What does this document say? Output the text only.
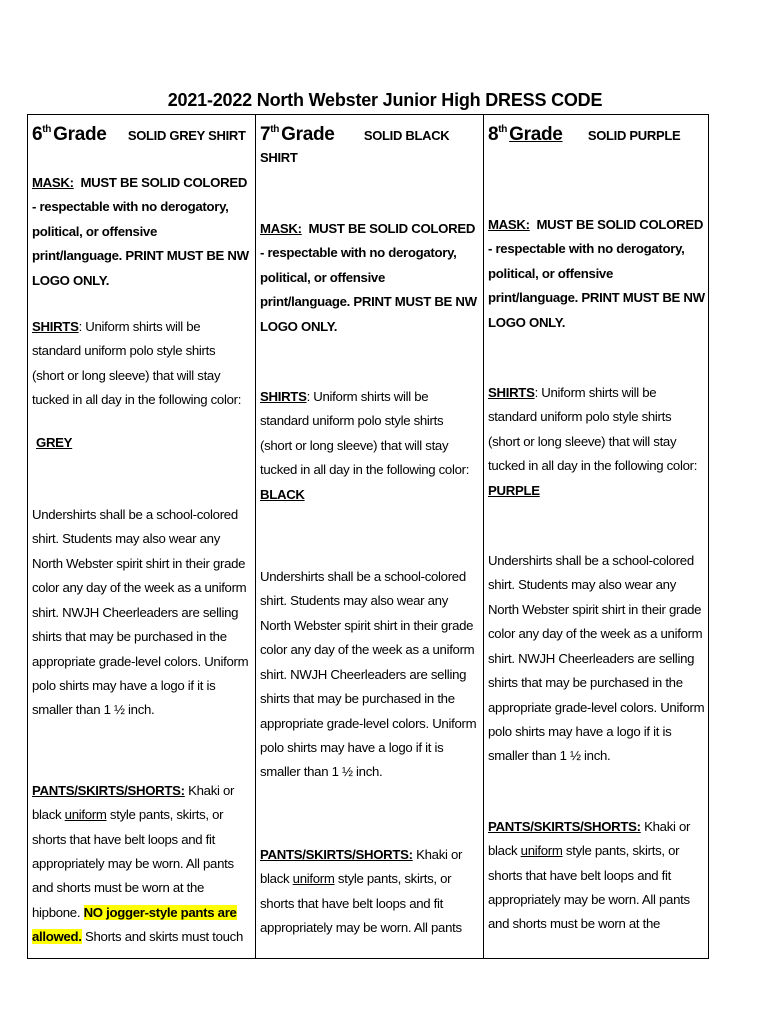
2021-2022 North Webster Junior High DRESS CODE
6th Grade SOLID GREY SHIRT

MASK: MUST BE SOLID COLORED - respectable with no derogatory, political, or offensive print/language. PRINT MUST BE NW LOGO ONLY.

SHIRTS: Uniform shirts will be standard uniform polo style shirts (short or long sleeve) that will stay tucked in all day in the following color:

GREY

Undershirts shall be a school-colored shirt. Students may also wear any North Webster spirit shirt in their grade color any day of the week as a uniform shirt. NWJH Cheerleaders are selling shirts that may be purchased in the appropriate grade-level colors. Uniform polo shirts may have a logo if it is smaller than 1 ½ inch.

PANTS/SKIRTS/SHORTS: Khaki or black uniform style pants, skirts, or shorts that have belt loops and fit appropriately may be worn. All pants and shorts must be worn at the hipbone. NO jogger-style pants are allowed. Shorts and skirts must touch

7th Grade SOLID BLACK SHIRT

MASK: MUST BE SOLID COLORED - respectable with no derogatory, political, or offensive print/language. PRINT MUST BE NW LOGO ONLY.

SHIRTS: Uniform shirts will be standard uniform polo style shirts (short or long sleeve) that will stay tucked in all day in the following color:  BLACK

Undershirts shall be a school-colored shirt. Students may also wear any North Webster spirit shirt in their grade color any day of the week as a uniform shirt. NWJH Cheerleaders are selling shirts that may be purchased in the appropriate grade-level colors. Uniform polo shirts may have a logo if it is smaller than 1 ½ inch.

PANTS/SKIRTS/SHORTS: Khaki or black uniform style pants, skirts, or shorts that have belt loops and fit appropriately may be worn. All pants

8th Grade SOLID PURPLE

MASK: MUST BE SOLID COLORED - respectable with no derogatory, political, or offensive print/language. PRINT MUST BE NW LOGO ONLY.

SHIRTS: Uniform shirts will be standard uniform polo style shirts (short or long sleeve) that will stay tucked in all day in the following color:  PURPLE

Undershirts shall be a school-colored shirt. Students may also wear any North Webster spirit shirt in their grade color any day of the week as a uniform shirt. NWJH Cheerleaders are selling shirts that may be purchased in the appropriate grade-level colors. Uniform polo shirts may have a logo if it is smaller than 1 ½ inch.

PANTS/SKIRTS/SHORTS: Khaki or black uniform style pants, skirts, or shorts that have belt loops and fit appropriately may be worn. All pants and shorts must be worn at the
